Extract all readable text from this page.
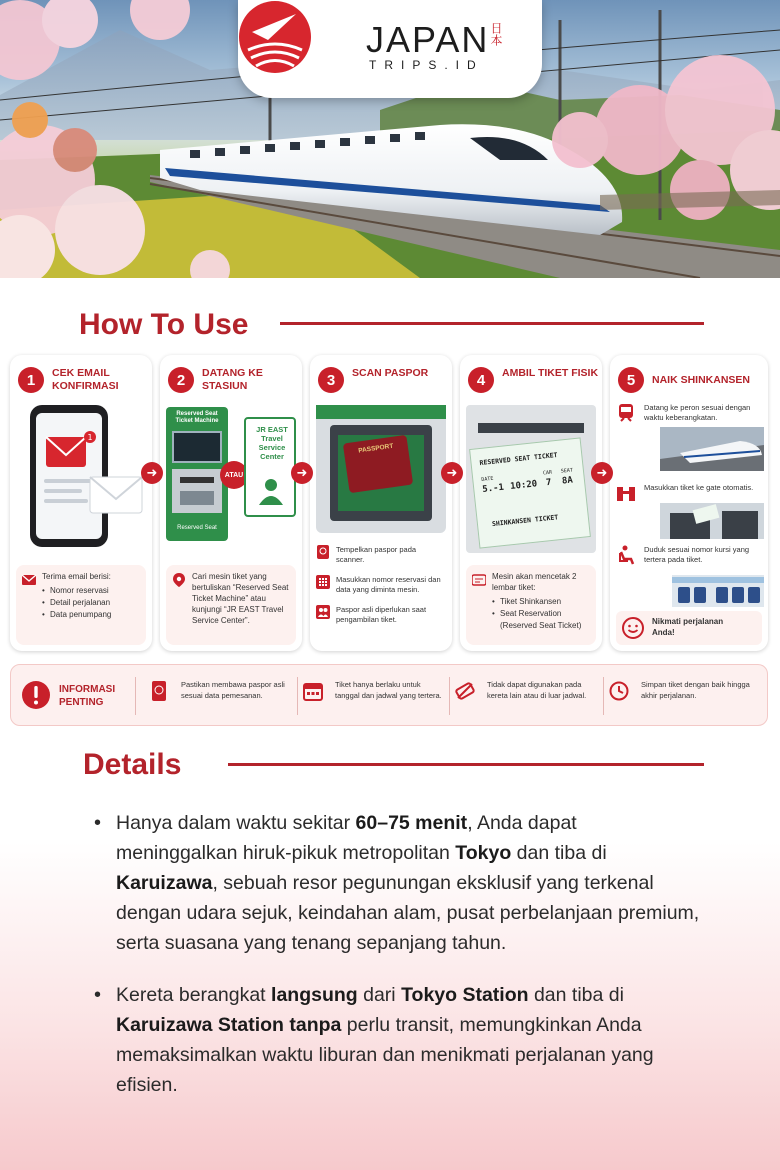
JAPAN
TRIPS.ID
日本
How To Use
1	CEK EMAIL KONFIRMASI
1
Terima email berisi:
• Nomor reservasi
• Detail perjalanan
• Data penumpang
2	DATANG KE STASIUN
Reserved Seat Ticket Machine
Reserved Seat
ATAU
JR EAST Travel Service Center
Cari mesin tiket yang bertuliskan “Reserved Seat Ticket Machine” atau kunjungi “JR EAST Travel Service Center”.
3	SCAN PASPOR
PASSPORT
Tempelkan paspor pada scanner.
Masukkan nomor reservasi dan data yang diminta mesin.
Paspor asli diperlukan saat pengambilan tiket.
4	AMBIL TIKET FISIK
RESERVED SEAT TICKET
DATE
5.-1 10:20
CAR
7
SEAT
8A
SHINKANSEN TICKET
Mesin akan mencetak 2 lembar tiket:
• Tiket Shinkansen
• Seat Reservation (Reserved Seat Ticket)
5	NAIK SHINKANSEN
Datang ke peron sesuai dengan waktu keberangkatan.
Masukkan tiket ke gate otomatis.
Duduk sesuai nomor kursi yang tertera pada tiket.
Nikmati perjalanan Anda!
➜	➜	➜	➜
INFORMASI PENTING
Pastikan membawa paspor asli sesuai data pemesanan.
Tiket hanya berlaku untuk tanggal dan jadwal yang tertera.
Tidak dapat digunakan pada kereta lain atau di luar jadwal.
Simpan tiket dengan baik hingga akhir perjalanan.
Details

• Hanya dalam waktu sekitar 60–75 menit, Anda dapat meninggalkan hiruk-pikuk metropolitan Tokyo dan tiba di Karuizawa, sebuah resor pegunungan eksklusif yang terkenal dengan udara sejuk, keindahan alam, pusat perbelanjaan premium, serta suasana yang tenang sepanjang tahun.

• Kereta berangkat langsung dari Tokyo Station dan tiba di Karuizawa Station tanpa perlu transit, memungkinkan Anda memaksimalkan waktu liburan dan menikmati perjalanan yang efisien.
